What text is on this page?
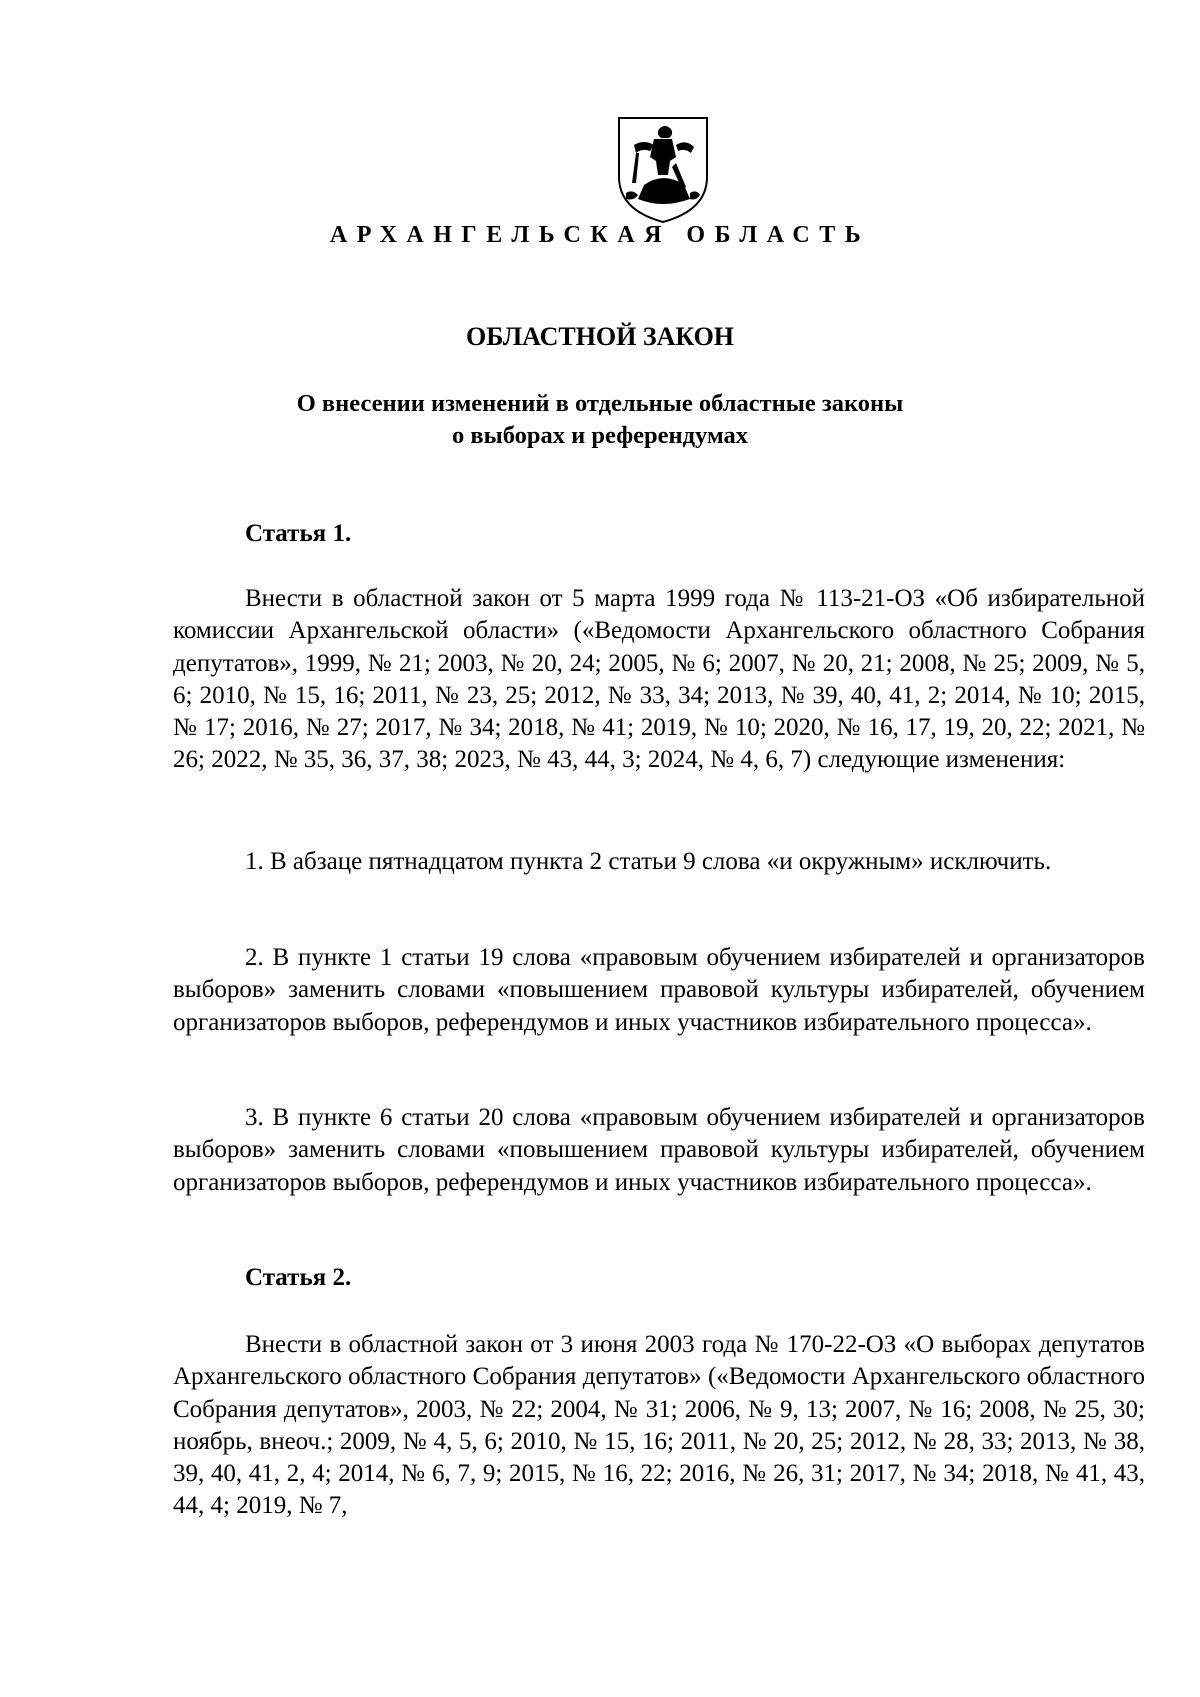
АРХАНГЕЛЬСКАЯ ОБЛАСТЬ
ОБЛАСТНОЙ ЗАКОН
О внесении изменений в отдельные областные законы
о выборах и референдумах
Статья 1.

Внести в областной закон от 5 марта 1999 года № 113-21-ОЗ «Об избирательной комиссии Архангельской области» («Ведомости Архангельского областного Собрания депутатов», 1999, № 21; 2003, № 20, 24; 2005, № 6; 2007, № 20, 21; 2008, № 25; 2009, № 5, 6; 2010, № 15, 16; 2011, № 23, 25; 2012, № 33, 34; 2013, № 39, 40, 41, 2; 2014, № 10; 2015, № 17; 2016, № 27; 2017, № 34; 2018, № 41; 2019, № 10; 2020, № 16, 17, 19, 20, 22; 2021, № 26; 2022, № 35, 36, 37, 38; 2023, № 43, 44, 3; 2024, № 4, 6, 7) следующие изменения:

1. В абзаце пятнадцатом пункта 2 статьи 9 слова «и окружным» исключить.

2. В пункте 1 статьи 19 слова «правовым обучением избирателей и организаторов выборов» заменить словами «повышением правовой культуры избирателей, обучением организаторов выборов, референдумов и иных участников избирательного процесса».

3. В пункте 6 статьи 20 слова «правовым обучением избирателей и организаторов выборов» заменить словами «повышением правовой культуры избирателей, обучением организаторов выборов, референдумов и иных участников избирательного процесса».

Статья 2.

Внести в областной закон от 3 июня 2003 года № 170-22-ОЗ «О выборах депутатов Архангельского областного Собрания депутатов» («Ведомости Архангельского областного Собрания депутатов», 2003, № 22; 2004, № 31; 2006, № 9, 13; 2007, № 16; 2008, № 25, 30; ноябрь, внеоч.; 2009, № 4, 5, 6; 2010, № 15, 16; 2011, № 20, 25; 2012, № 28, 33; 2013, № 38, 39, 40, 41, 2, 4; 2014, № 6, 7, 9; 2015, № 16, 22; 2016, № 26, 31; 2017, № 34; 2018, № 41, 43, 44, 4; 2019, № 7,
